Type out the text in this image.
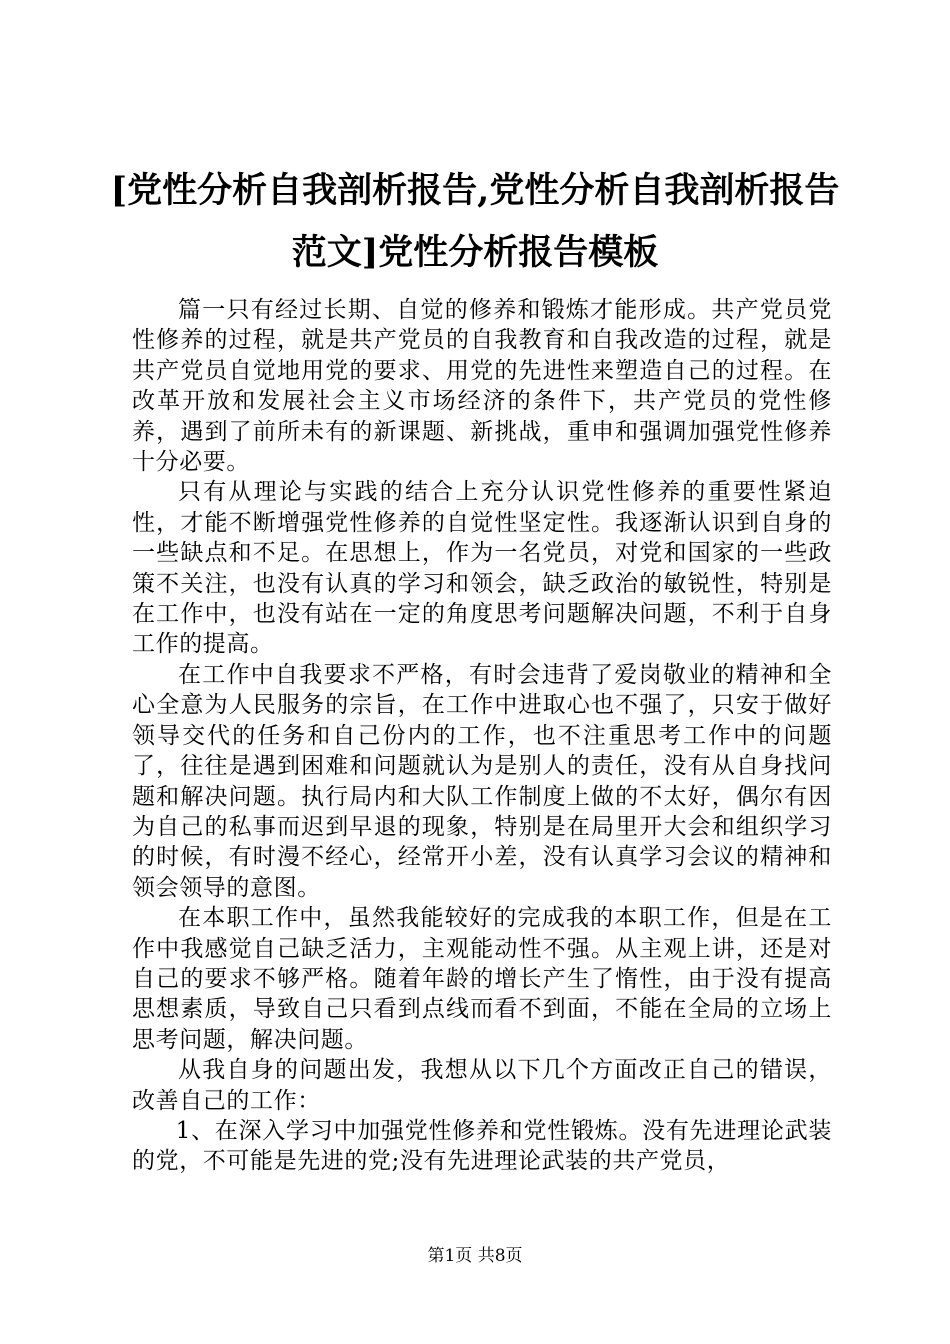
[党性分析自我剖析报告,党性分析自我剖析报告范文]党性分析报告模板

篇一只有经过长期、自觉的修养和锻炼才能形成。共产党员党性修养的过程，就是共产党员的自我教育和自我改造的过程，就是共产党员自觉地用党的要求、用党的先进性来塑造自己的过程。在改革开放和发展社会主义市场经济的条件下，共产党员的党性修养，遇到了前所未有的新课题、新挑战，重申和强调加强党性修养十分必要。

只有从理论与实践的结合上充分认识党性修养的重要性紧迫性，才能不断增强党性修养的自觉性坚定性。我逐渐认识到自身的一些缺点和不足。在思想上，作为一名党员，对党和国家的一些政策不关注，也没有认真的学习和领会，缺乏政治的敏锐性，特别是在工作中，也没有站在一定的角度思考问题解决问题，不利于自身工作的提高。

在工作中自我要求不严格，有时会违背了爱岗敬业的精神和全心全意为人民服务的宗旨，在工作中进取心也不强了，只安于做好领导交代的任务和自己份内的工作，也不注重思考工作中的问题了，往往是遇到困难和问题就认为是别人的责任，没有从自身找问题和解决问题。执行局内和大队工作制度上做的不太好，偶尔有因为自己的私事而迟到早退的现象，特别是在局里开大会和组织学习的时候，有时漫不经心，经常开小差，没有认真学习会议的精神和领会领导的意图。

在本职工作中，虽然我能较好的完成我的本职工作，但是在工作中我感觉自己缺乏活力，主观能动性不强。从主观上讲，还是对自己的要求不够严格。随着年龄的增长产生了惰性，由于没有提高思想素质，导致自己只看到点线而看不到面，不能在全局的立场上思考问题，解决问题。

从我自身的问题出发，我想从以下几个方面改正自己的错误，改善自己的工作：

1、在深入学习中加强党性修养和党性锻炼。没有先进理论武装的党，不可能是先进的党;没有先进理论武装的共产党员，

第1页 共8页
